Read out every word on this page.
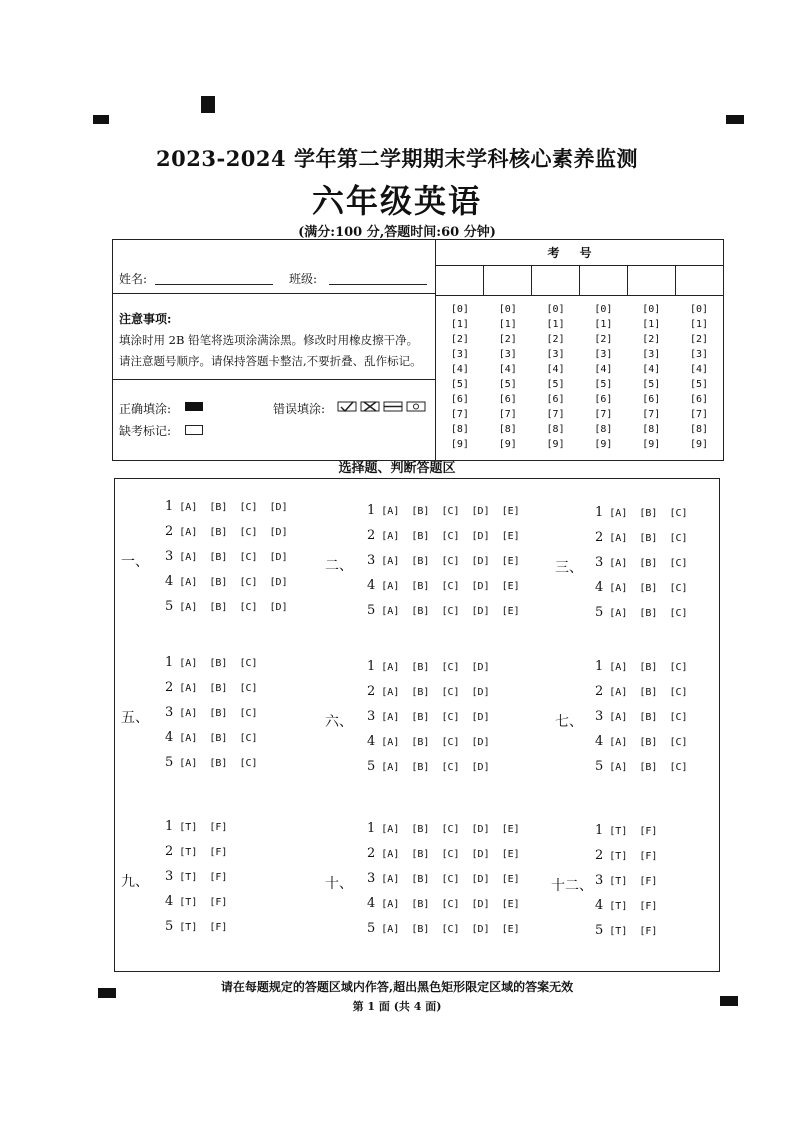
2023-2024 学年第二学期期末学科核心素养监测
六年级英语
(满分:100 分,答题时间:60 分钟)
姓名:	班级:
注意事项:
填涂时用 2B 铅笔将选项涂满涂黑。修改时用橡皮擦干净。
请注意题号顺序。请保持答题卡整洁,不要折叠、乱作标记。
正确填涂:	错误填涂:
缺考标记:
考号
[0]
[1]
[2]
[3]
[4]
[5]
[6]
[7]
[8]
[9]
[0]
[1]
[2]
[3]
[4]
[5]
[6]
[7]
[8]
[9]
[0]
[1]
[2]
[3]
[4]
[5]
[6]
[7]
[8]
[9]
[0]
[1]
[2]
[3]
[4]
[5]
[6]
[7]
[8]
[9]
[0]
[1]
[2]
[3]
[4]
[5]
[6]
[7]
[8]
[9]
[0]
[1]
[2]
[3]
[4]
[5]
[6]
[7]
[8]
[9]
选择题、判断答题区
一、
1 [A] [B] [C] [D]
2 [A] [B] [C] [D]
3 [A] [B] [C] [D]
4 [A] [B] [C] [D]
5 [A] [B] [C] [D]
二、
1 [A] [B] [C] [D] [E]
2 [A] [B] [C] [D] [E]
3 [A] [B] [C] [D] [E]
4 [A] [B] [C] [D] [E]
5 [A] [B] [C] [D] [E]
三、
1 [A] [B] [C]
2 [A] [B] [C]
3 [A] [B] [C]
4 [A] [B] [C]
5 [A] [B] [C]
五、
1 [A] [B] [C]
2 [A] [B] [C]
3 [A] [B] [C]
4 [A] [B] [C]
5 [A] [B] [C]
六、
1 [A] [B] [C] [D]
2 [A] [B] [C] [D]
3 [A] [B] [C] [D]
4 [A] [B] [C] [D]
5 [A] [B] [C] [D]
七、
1 [A] [B] [C]
2 [A] [B] [C]
3 [A] [B] [C]
4 [A] [B] [C]
5 [A] [B] [C]
九、
1 [T] [F]
2 [T] [F]
3 [T] [F]
4 [T] [F]
5 [T] [F]
十、
1 [A] [B] [C] [D] [E]
2 [A] [B] [C] [D] [E]
3 [A] [B] [C] [D] [E]
4 [A] [B] [C] [D] [E]
5 [A] [B] [C] [D] [E]
十二、
1 [T] [F]
2 [T] [F]
3 [T] [F]
4 [T] [F]
5 [T] [F]
请在每题规定的答题区域内作答,超出黑色矩形限定区域的答案无效
第 1 面 (共 4 面)
